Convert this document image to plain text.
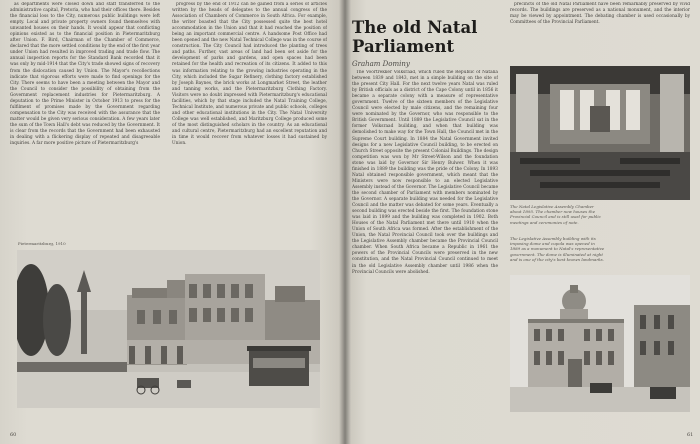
as departments were closed down and staff transferred to the administrative capital, Pretoria, who had their offices there. Besides the financial loss to the City, numerous public buildings were left empty. Local and private property owners found themselves with unwanted houses on their hands. It would appear that conflicting opinions existed as to the financial position in Pietermaritzburg after Union. F. Bird, Chairman of the Chamber of Commerce, declared that the more settled conditions by the end of the first year under Union had resulted in improved trading and trade flow. The annual inspection reports for the Standard Bank recorded that it was only by mid-1914 that the City's trade showed signs of recovery from the dislocation caused by Union. The Mayor's recollections indicate that vigorous efforts were made to find openings for the City. There seems to have been a meeting between the Mayor and the Council to consider the possibility of obtaining from the Government replacement industries for Pietermaritzburg. A deputation to the Prime Minister in October 1913 to press for the fulfilment of promises made by the Government regarding compensation to the City was received with the assurance that the matter would be given very serious consideration. A few years later the sum of the Town Hall's debt was reduced by the Government. It is clear from the records that the Government had been exhausted in dealing with a flickering display of repeated and disagreeable inquiries. A far more positive picture of Pietermaritzburg's

progress by the end of 1912 can be gained from a series of articles written by the heads of delegates to the annual congress of the Association of Chambers of Commerce in South Africa. For example, the writer boasted that the City possessed quite the best hotel accommodation in the Union and that it had reached the position of being an important commercial centre. A handsome Post Office had been opened and the new Natal Technical College was in the course of construction. The City Council had introduced the planting of trees and paths. Further, vast areas of land had been set aside for the development of parks and gardens, and open spaces had been retained for the health and recreation of its citizens. It added to this was information relating to the growing industries operating in the City, which included the Sugar Refinery, clothing factory established by Joseph Baynes, the brick works at Longmarket Street, the leather and tanning works, and the Pietermaritzburg Clothing Factory. Visitors were no doubt impressed with Pietermaritzburg's educational facilities, which by that stage included the Natal Training College, Technical Institute, and numerous private and public schools, colleges and other educational institutions in the City. The Natal University College was well established, and Maritzburg College produced some of the most distinguished scholars in the country. As an educational and cultural centre, Pietermaritzburg had an excellent reputation and in time it would recover from whatever losses it had sustained by Union.

Pietermaritzburg, 1910
60	61
The old Natal
Parliament
Graham Dominy

The Voortrekker Volksraad, which ruled the Republic of Natalia between 1839 and 1843, met in a simple building on the site of the present City Hall. For the next twelve years Natal was ruled by British officials as a district of the Cape Colony until in 1856 it became a separate colony with a measure of representative government. Twelve of the sixteen members of the Legislative Council were elected by male citizens, and the remaining four were nominated by the Governor, who was responsible to the British Government. Until 1889 the Legislative Council sat in the former Volksraad building, and when that building was demolished to make way for the Town Hall, the Council met in the Supreme Court building. In 1884 the Natal Government invited designs for a new Legislative Council building, to be erected on Church Street opposite the present Colonial Buildings. The design competition was won by Mr Street-Wilson and the foundation stone was laid by Governor Sir Henry Bulwer. When it was finished in 1889 the building was the pride of the Colony. In 1893 Natal obtained responsible government, which meant that the Ministers were now responsible to an elected Legislative Assembly instead of the Governor. The Legislative Council became the second chamber of Parliament with members nominated by the Governor. A separate building was needed for the Legislative Council and the matter was debated for some years. Eventually a second building was erected beside the first. The foundation stone was laid in 1899 and the building was completed in 1902. Both Houses of the Natal Parliament met there until 1910 when the Union of South Africa was formed. After the establishment of the Union, the Natal Provincial Council took over the buildings and the Legislative Assembly chamber became the Provincial Council chamber. When South Africa became a Republic in 1961 the powers of the Provincial Councils were preserved in the new constitution, and the Natal Provincial Council continued to meet in the old Legislative Assembly chamber until 1986 when the Provincial Councils were abolished.

precincts of the old Natal Parliament have been remarkably preserved by vivid records. The buildings are preserved as a national monument, and the interior may be viewed by appointment. The debating chamber is used occasionally by Committees of the Provincial Parliament.

The Natal Legislative Assembly Chamber about 1895. The chamber now houses the Provincial Council and is still used for public meetings and ceremonies of note.
The Legislative Assembly building with its imposing dome and cupola was opened in 1889 as a monument to Natal's representative government. The dome is illuminated at night and is one of the city's best known landmarks.
